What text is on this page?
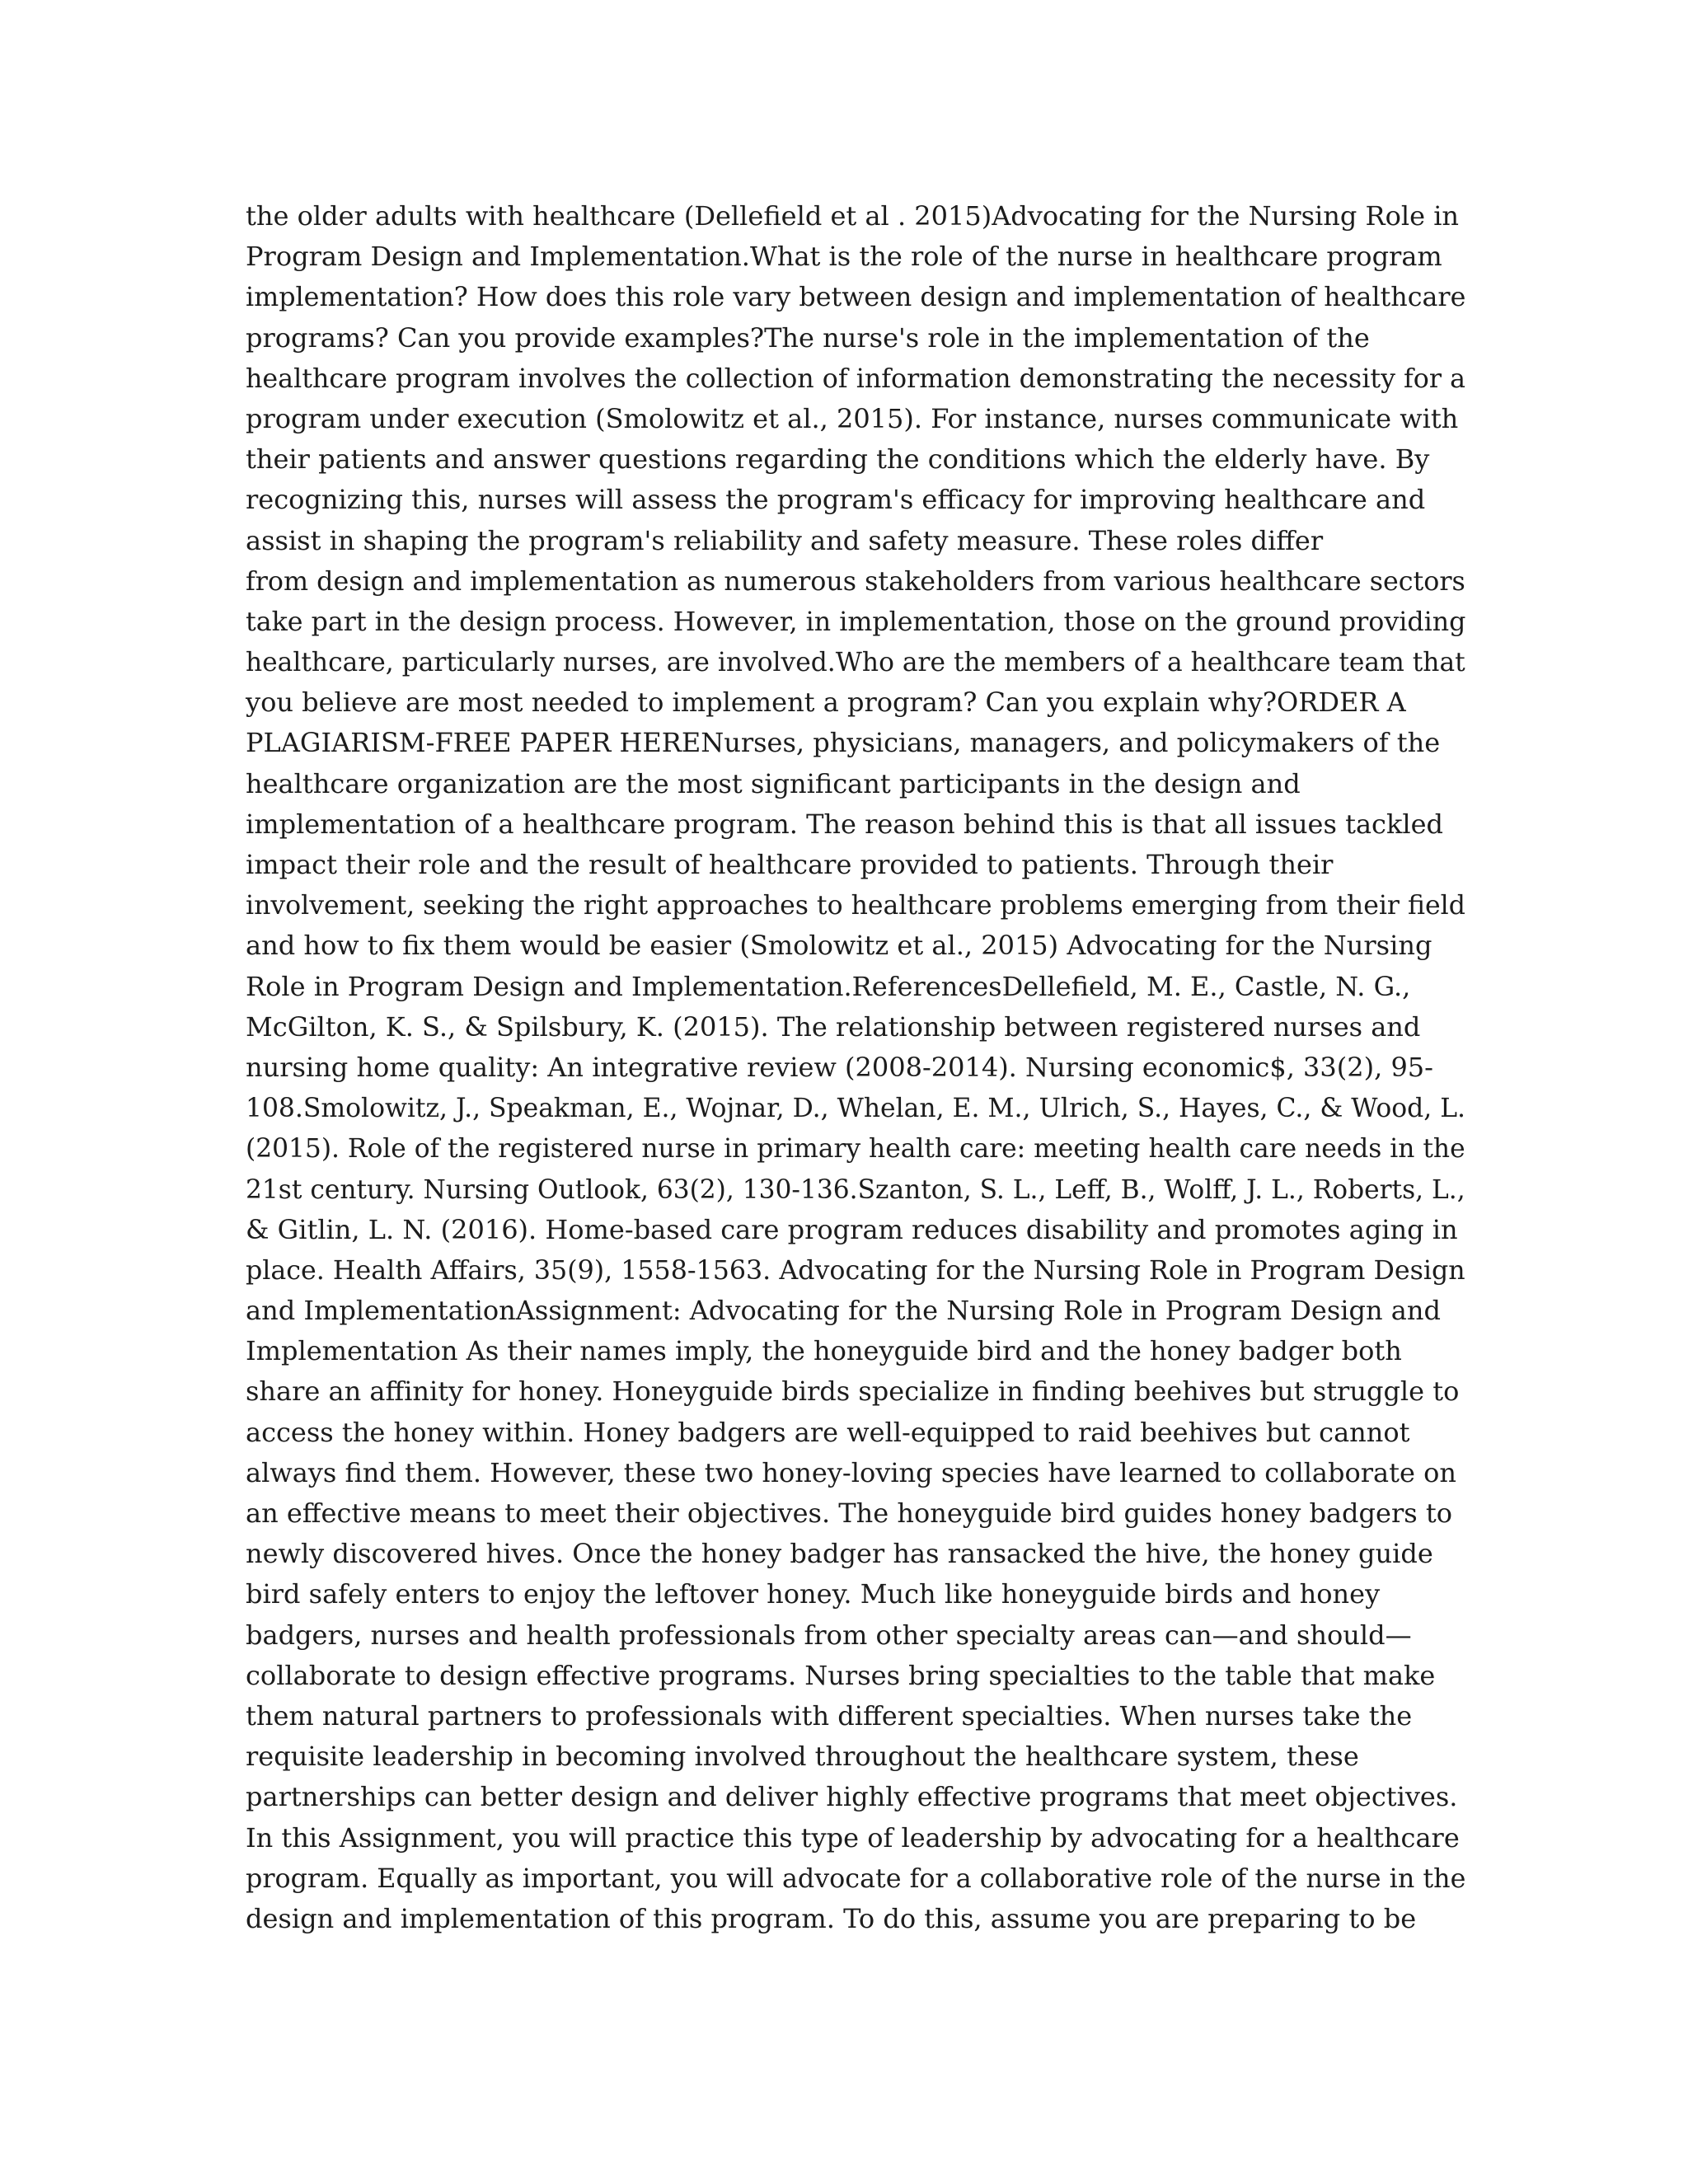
the older adults with healthcare (Dellefield et al . 2015)Advocating for the Nursing Role in
Program Design and Implementation.What is the role of the nurse in healthcare program
implementation? How does this role vary between design and implementation of healthcare
programs? Can you provide examples?The nurse's role in the implementation of the
healthcare program involves the collection of information demonstrating the necessity for a
program under execution (Smolowitz et al., 2015). For instance, nurses communicate with
their patients and answer questions regarding the conditions which the elderly have. By
recognizing this, nurses will assess the program's efficacy for improving healthcare and
assist in shaping the program's reliability and safety measure. These roles differ
from design and implementation as numerous stakeholders from various healthcare sectors
take part in the design process. However, in implementation, those on the ground providing
healthcare, particularly nurses, are involved.Who are the members of a healthcare team that
you believe are most needed to implement a program? Can you explain why?ORDER A
PLAGIARISM-FREE PAPER HERENurses, physicians, managers, and policymakers of the
healthcare organization are the most significant participants in the design and
implementation of a healthcare program. The reason behind this is that all issues tackled
impact their role and the result of healthcare provided to patients. Through their
involvement, seeking the right approaches to healthcare problems emerging from their field
and how to fix them would be easier (Smolowitz et al., 2015) Advocating for the Nursing
Role in Program Design and Implementation.ReferencesDellefield, M. E., Castle, N. G.,
McGilton, K. S., & Spilsbury, K. (2015). The relationship between registered nurses and
nursing home quality: An integrative review (2008-2014). Nursing economic$, 33(2), 95-
108.Smolowitz, J., Speakman, E., Wojnar, D., Whelan, E. M., Ulrich, S., Hayes, C., & Wood, L.
(2015). Role of the registered nurse in primary health care: meeting health care needs in the
21st century. Nursing Outlook, 63(2), 130-136.Szanton, S. L., Leff, B., Wolff, J. L., Roberts, L.,
& Gitlin, L. N. (2016). Home-based care program reduces disability and promotes aging in
place. Health Affairs, 35(9), 1558-1563. Advocating for the Nursing Role in Program Design
and ImplementationAssignment: Advocating for the Nursing Role in Program Design and
Implementation As their names imply, the honeyguide bird and the honey badger both
share an affinity for honey. Honeyguide birds specialize in finding beehives but struggle to
access the honey within. Honey badgers are well-equipped to raid beehives but cannot
always find them. However, these two honey-loving species have learned to collaborate on
an effective means to meet their objectives. The honeyguide bird guides honey badgers to
newly discovered hives. Once the honey badger has ransacked the hive, the honey guide
bird safely enters to enjoy the leftover honey. Much like honeyguide birds and honey
badgers, nurses and health professionals from other specialty areas can—and should—
collaborate to design effective programs. Nurses bring specialties to the table that make
them natural partners to professionals with different specialties. When nurses take the
requisite leadership in becoming involved throughout the healthcare system, these
partnerships can better design and deliver highly effective programs that meet objectives.
In this Assignment, you will practice this type of leadership by advocating for a healthcare
program. Equally as important, you will advocate for a collaborative role of the nurse in the
design and implementation of this program. To do this, assume you are preparing to be
